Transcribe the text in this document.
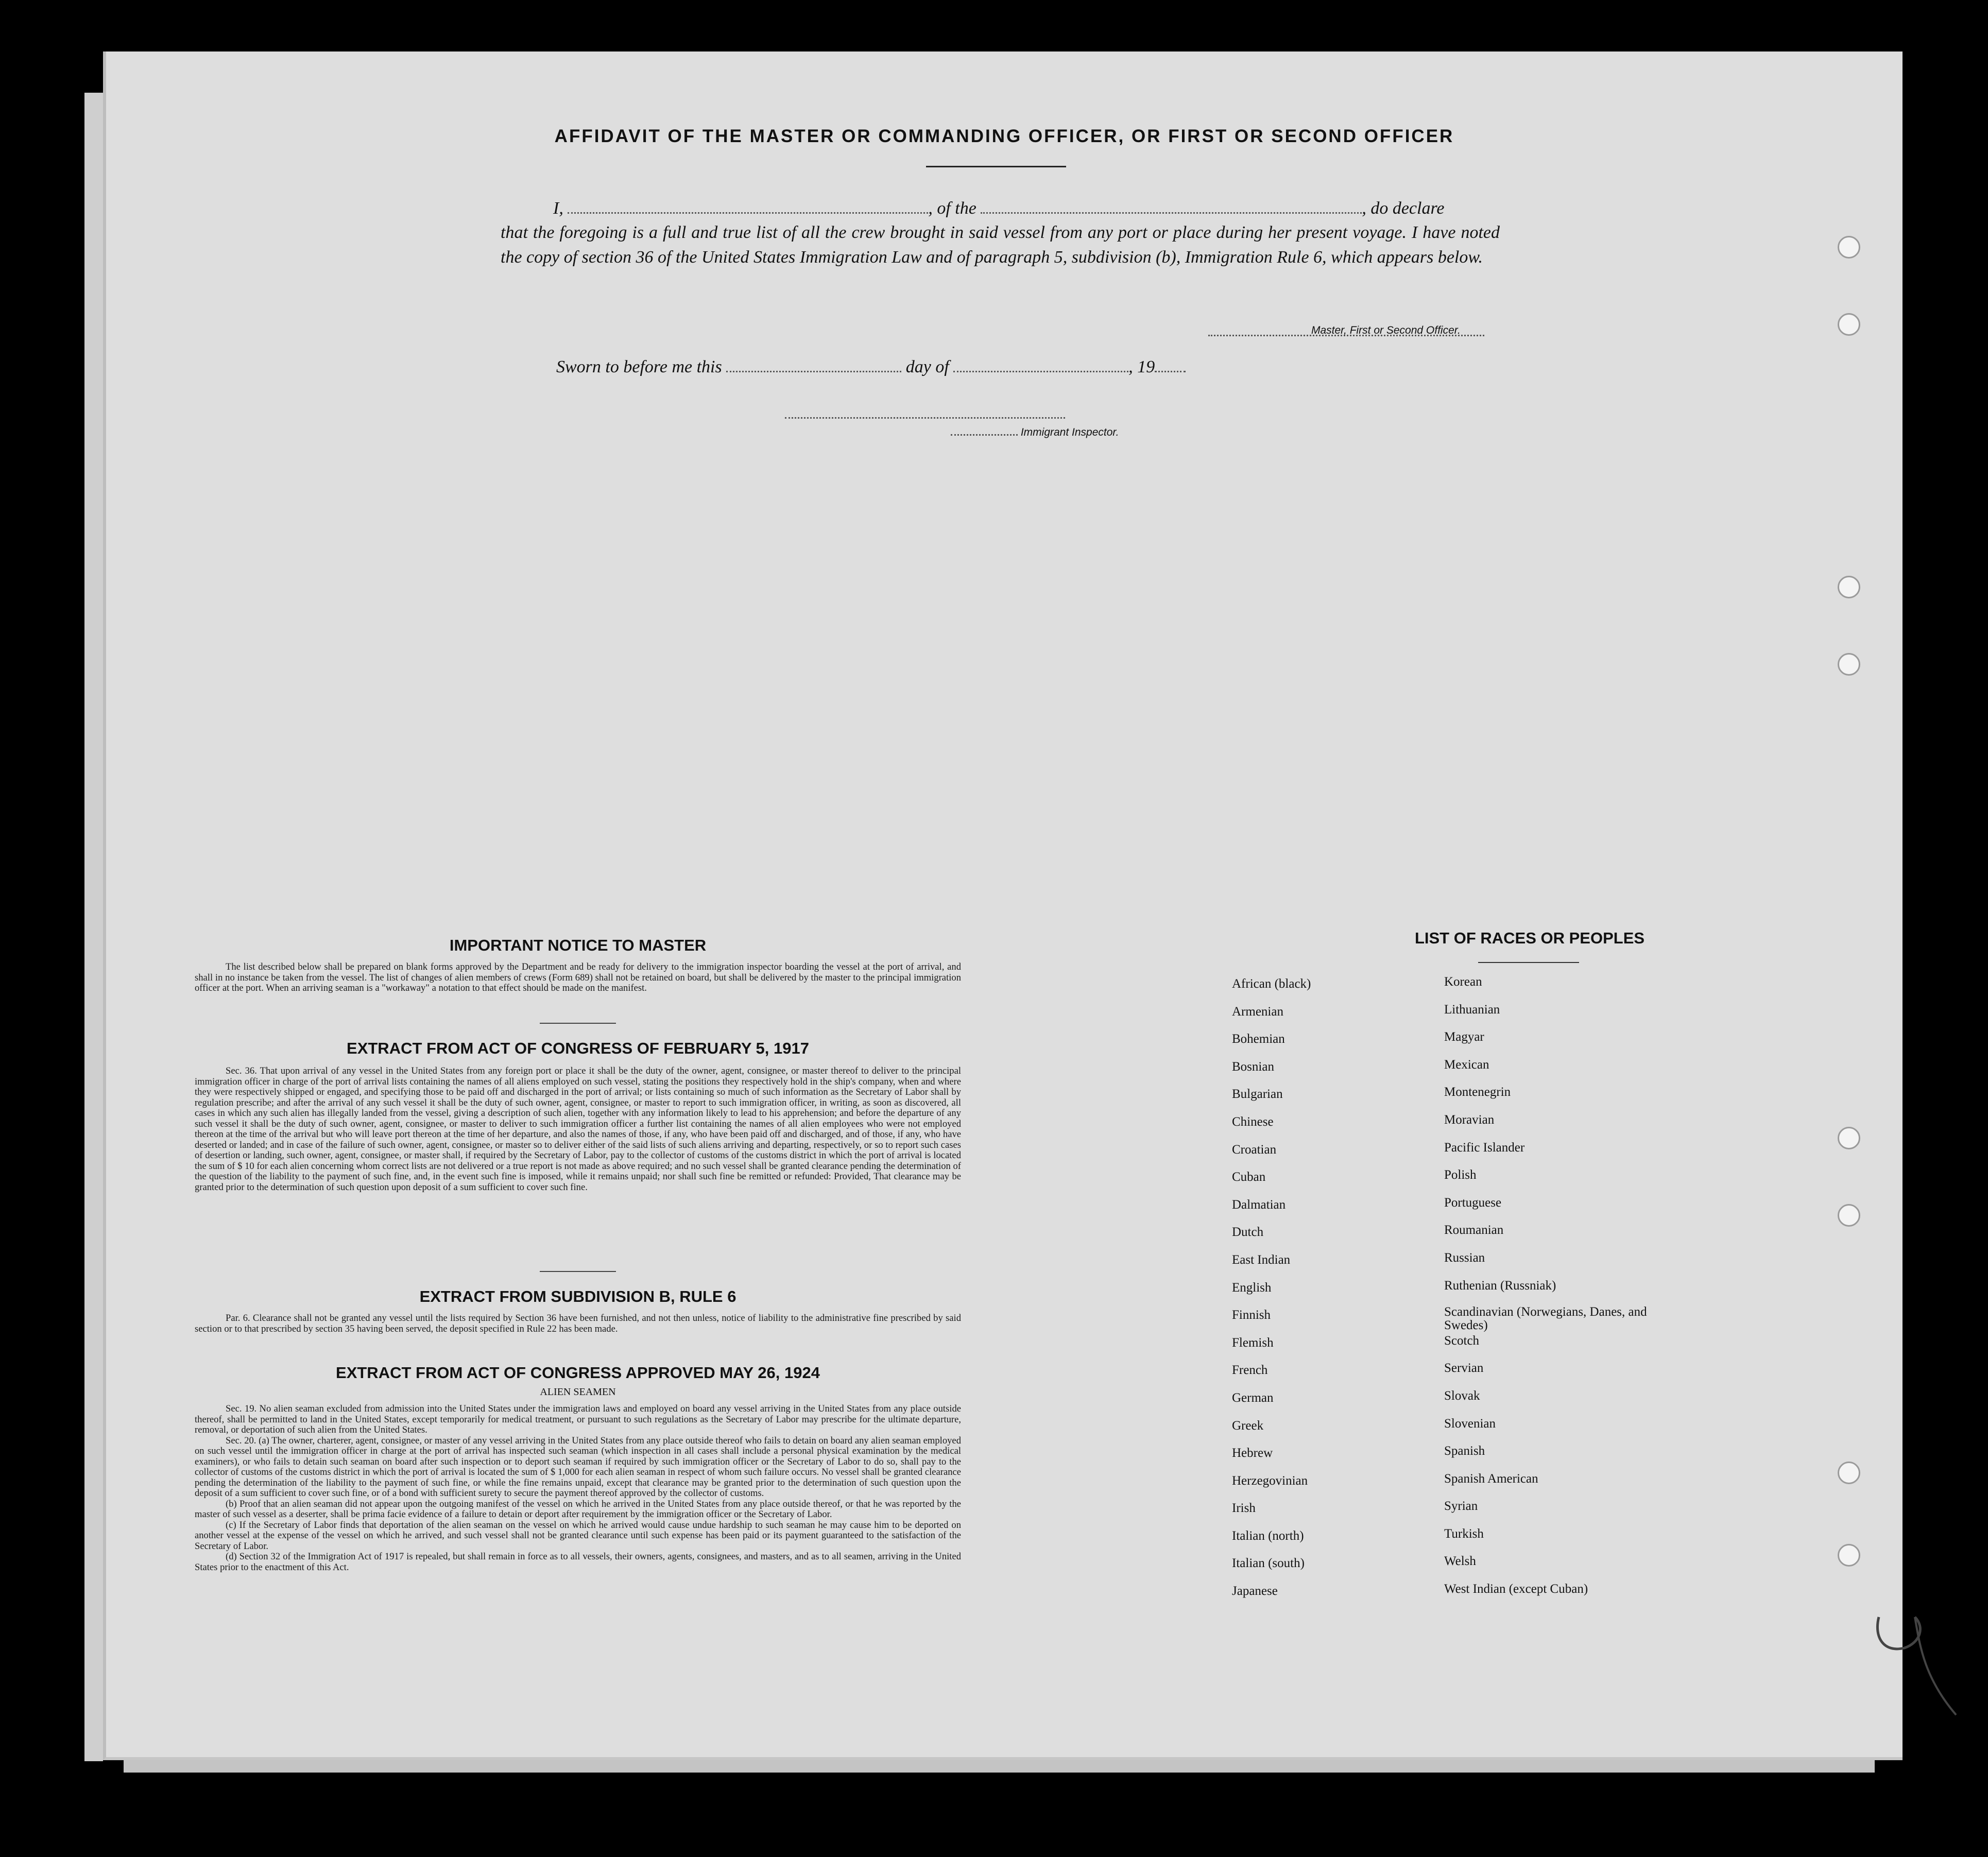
AFFIDAVIT OF THE MASTER OR COMMANDING OFFICER, OR FIRST OR SECOND OFFICER
I,	, of the	, do declare
that the foregoing is a full and true list of all the crew brought in said vessel from any port or place during her present voyage. I have noted the copy of section 36 of the United States Immigration Law and of paragraph 5, subdivision (b), Immigration Rule 6, which appears below.
Master, First or Second Officer.
Sworn to before me this	day of	, 19
Immigrant Inspector.
IMPORTANT NOTICE TO MASTER

The list described below shall be prepared on blank forms approved by the Department and be ready for delivery to the immigration inspector boarding the vessel at the port of arrival, and shall in no instance be taken from the vessel. The list of changes of alien members of crews (Form 689) shall not be retained on board, but shall be delivered by the master to the principal immigration officer at the port. When an arriving seaman is a "workaway" a notation to that effect should be made on the manifest.

EXTRACT FROM ACT OF CONGRESS OF FEBRUARY 5, 1917

Sec. 36. That upon arrival of any vessel in the United States from any foreign port or place it shall be the duty of the owner, agent, consignee, or master thereof to deliver to the principal immigration officer in charge of the port of arrival lists containing the names of all aliens employed on such vessel, stating the positions they respectively hold in the ship's company, when and where they were respectively shipped or engaged, and specifying those to be paid off and discharged in the port of arrival; or lists containing so much of such information as the Secretary of Labor shall by regulation prescribe; and after the arrival of any such vessel it shall be the duty of such owner, agent, consignee, or master to report to such immigration officer, in writing, as soon as discovered, all cases in which any such alien has illegally landed from the vessel, giving a description of such alien, together with any information likely to lead to his apprehension; and before the departure of any such vessel it shall be the duty of such owner, agent, consignee, or master to deliver to such immigration officer a further list containing the names of all alien employees who were not employed thereon at the time of the arrival but who will leave port thereon at the time of her departure, and also the names of those, if any, who have been paid off and discharged, and of those, if any, who have deserted or landed; and in case of the failure of such owner, agent, consignee, or master so to deliver either of the said lists of such aliens arriving and departing, respectively, or so to report such cases of desertion or landing, such owner, agent, consignee, or master shall, if required by the Secretary of Labor, pay to the collector of customs of the customs district in which the port of arrival is located the sum of $ 10 for each alien concerning whom correct lists are not delivered or a true report is not made as above required; and no such vessel shall be granted clearance pending the determination of the question of the liability to the payment of such fine, and, in the event such fine is imposed, while it remains unpaid; nor shall such fine be remitted or refunded: Provided, That clearance may be granted prior to the determination of such question upon deposit of a sum sufficient to cover such fine.

EXTRACT FROM SUBDIVISION B, RULE 6

Par. 6. Clearance shall not be granted any vessel until the lists required by Section 36 have been furnished, and not then unless, notice of liability to the administrative fine prescribed by said section or to that prescribed by section 35 having been served, the deposit specified in Rule 22 has been made.

EXTRACT FROM ACT OF CONGRESS APPROVED MAY 26, 1924
ALIEN SEAMEN

Sec. 19. No alien seaman excluded from admission into the United States under the immigration laws and employed on board any vessel arriving in the United States from any place outside thereof, shall be permitted to land in the United States, except temporarily for medical treatment, or pursuant to such regulations as the Secretary of Labor may prescribe for the ultimate departure, removal, or deportation of such alien from the United States.

Sec. 20. (a) The owner, charterer, agent, consignee, or master of any vessel arriving in the United States from any place outside thereof who fails to detain on board any alien seaman employed on such vessel until the immigration officer in charge at the port of arrival has inspected such seaman (which inspection in all cases shall include a personal physical examination by the medical examiners), or who fails to detain such seaman on board after such inspection or to deport such seaman if required by such immigration officer or the Secretary of Labor to do so, shall pay to the collector of customs of the customs district in which the port of arrival is located the sum of $ 1,000 for each alien seaman in respect of whom such failure occurs. No vessel shall be granted clearance pending the determination of the liability to the payment of such fine, or while the fine remains unpaid, except that clearance may be granted prior to the determination of such question upon the deposit of a sum sufficient to cover such fine, or of a bond with sufficient surety to secure the payment thereof approved by the collector of customs.

(b) Proof that an alien seaman did not appear upon the outgoing manifest of the vessel on which he arrived in the United States from any place outside thereof, or that he was reported by the master of such vessel as a deserter, shall be prima facie evidence of a failure to detain or deport after requirement by the immigration officer or the Secretary of Labor.

(c) If the Secretary of Labor finds that deportation of the alien seaman on the vessel on which he arrived would cause undue hardship to such seaman he may cause him to be deported on another vessel at the expense of the vessel on which he arrived, and such vessel shall not be granted clearance until such expense has been paid or its payment guaranteed to the satisfaction of the Secretary of Labor.

(d) Section 32 of the Immigration Act of 1917 is repealed, but shall remain in force as to all vessels, their owners, agents, consignees, and masters, and as to all seamen, arriving in the United States prior to the enactment of this Act.

LIST OF RACES OR PEOPLES
African (black)
Armenian
Bohemian
Bosnian
Bulgarian
Chinese
Croatian
Cuban
Dalmatian
Dutch
East Indian
English
Finnish
Flemish
French
German
Greek
Hebrew
Herzegovinian
Irish
Italian (north)
Italian (south)
Japanese
Korean
Lithuanian
Magyar
Mexican
Montenegrin
Moravian
Pacific Islander
Polish
Portuguese
Roumanian
Russian
Ruthenian (Russniak)
Scandinavian (Norwegians, Danes, and Swedes)
Scotch
Servian
Slovak
Slovenian
Spanish
Spanish American
Syrian
Turkish
Welsh
West Indian (except Cuban)
